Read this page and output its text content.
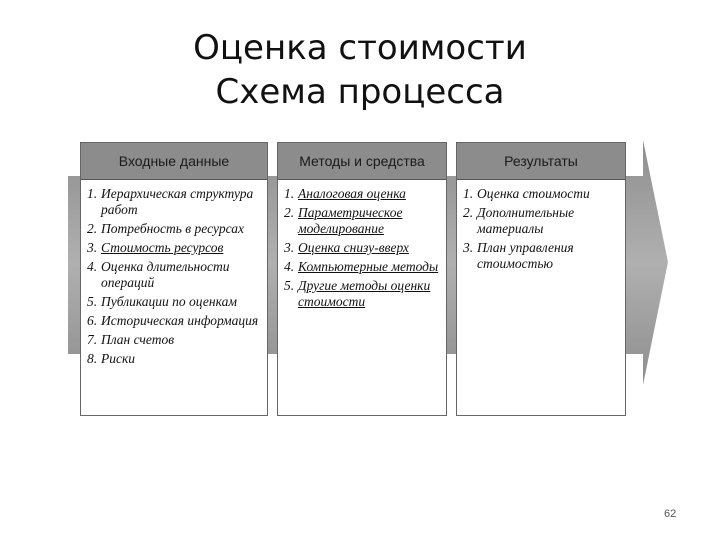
Оценка стоимости
Схема процесса
Входные данные
1. Иерархическая структура работ
2. Потребность в ресурсах
3. Стоимость ресурсов
4. Оценка длительности операций
5. Публикации по оценкам
6. Историческая информация
7. План счетов
8. Риски
Методы и средства
1. Аналоговая оценка
2. Параметрическое моделирование
3. Оценка снизу-вверх
4. Компьютерные методы
5. Другие методы оценки стоимости
Результаты
1. Оценка стоимости
2. Дополнительные материалы
3. План управления стоимостью
62
